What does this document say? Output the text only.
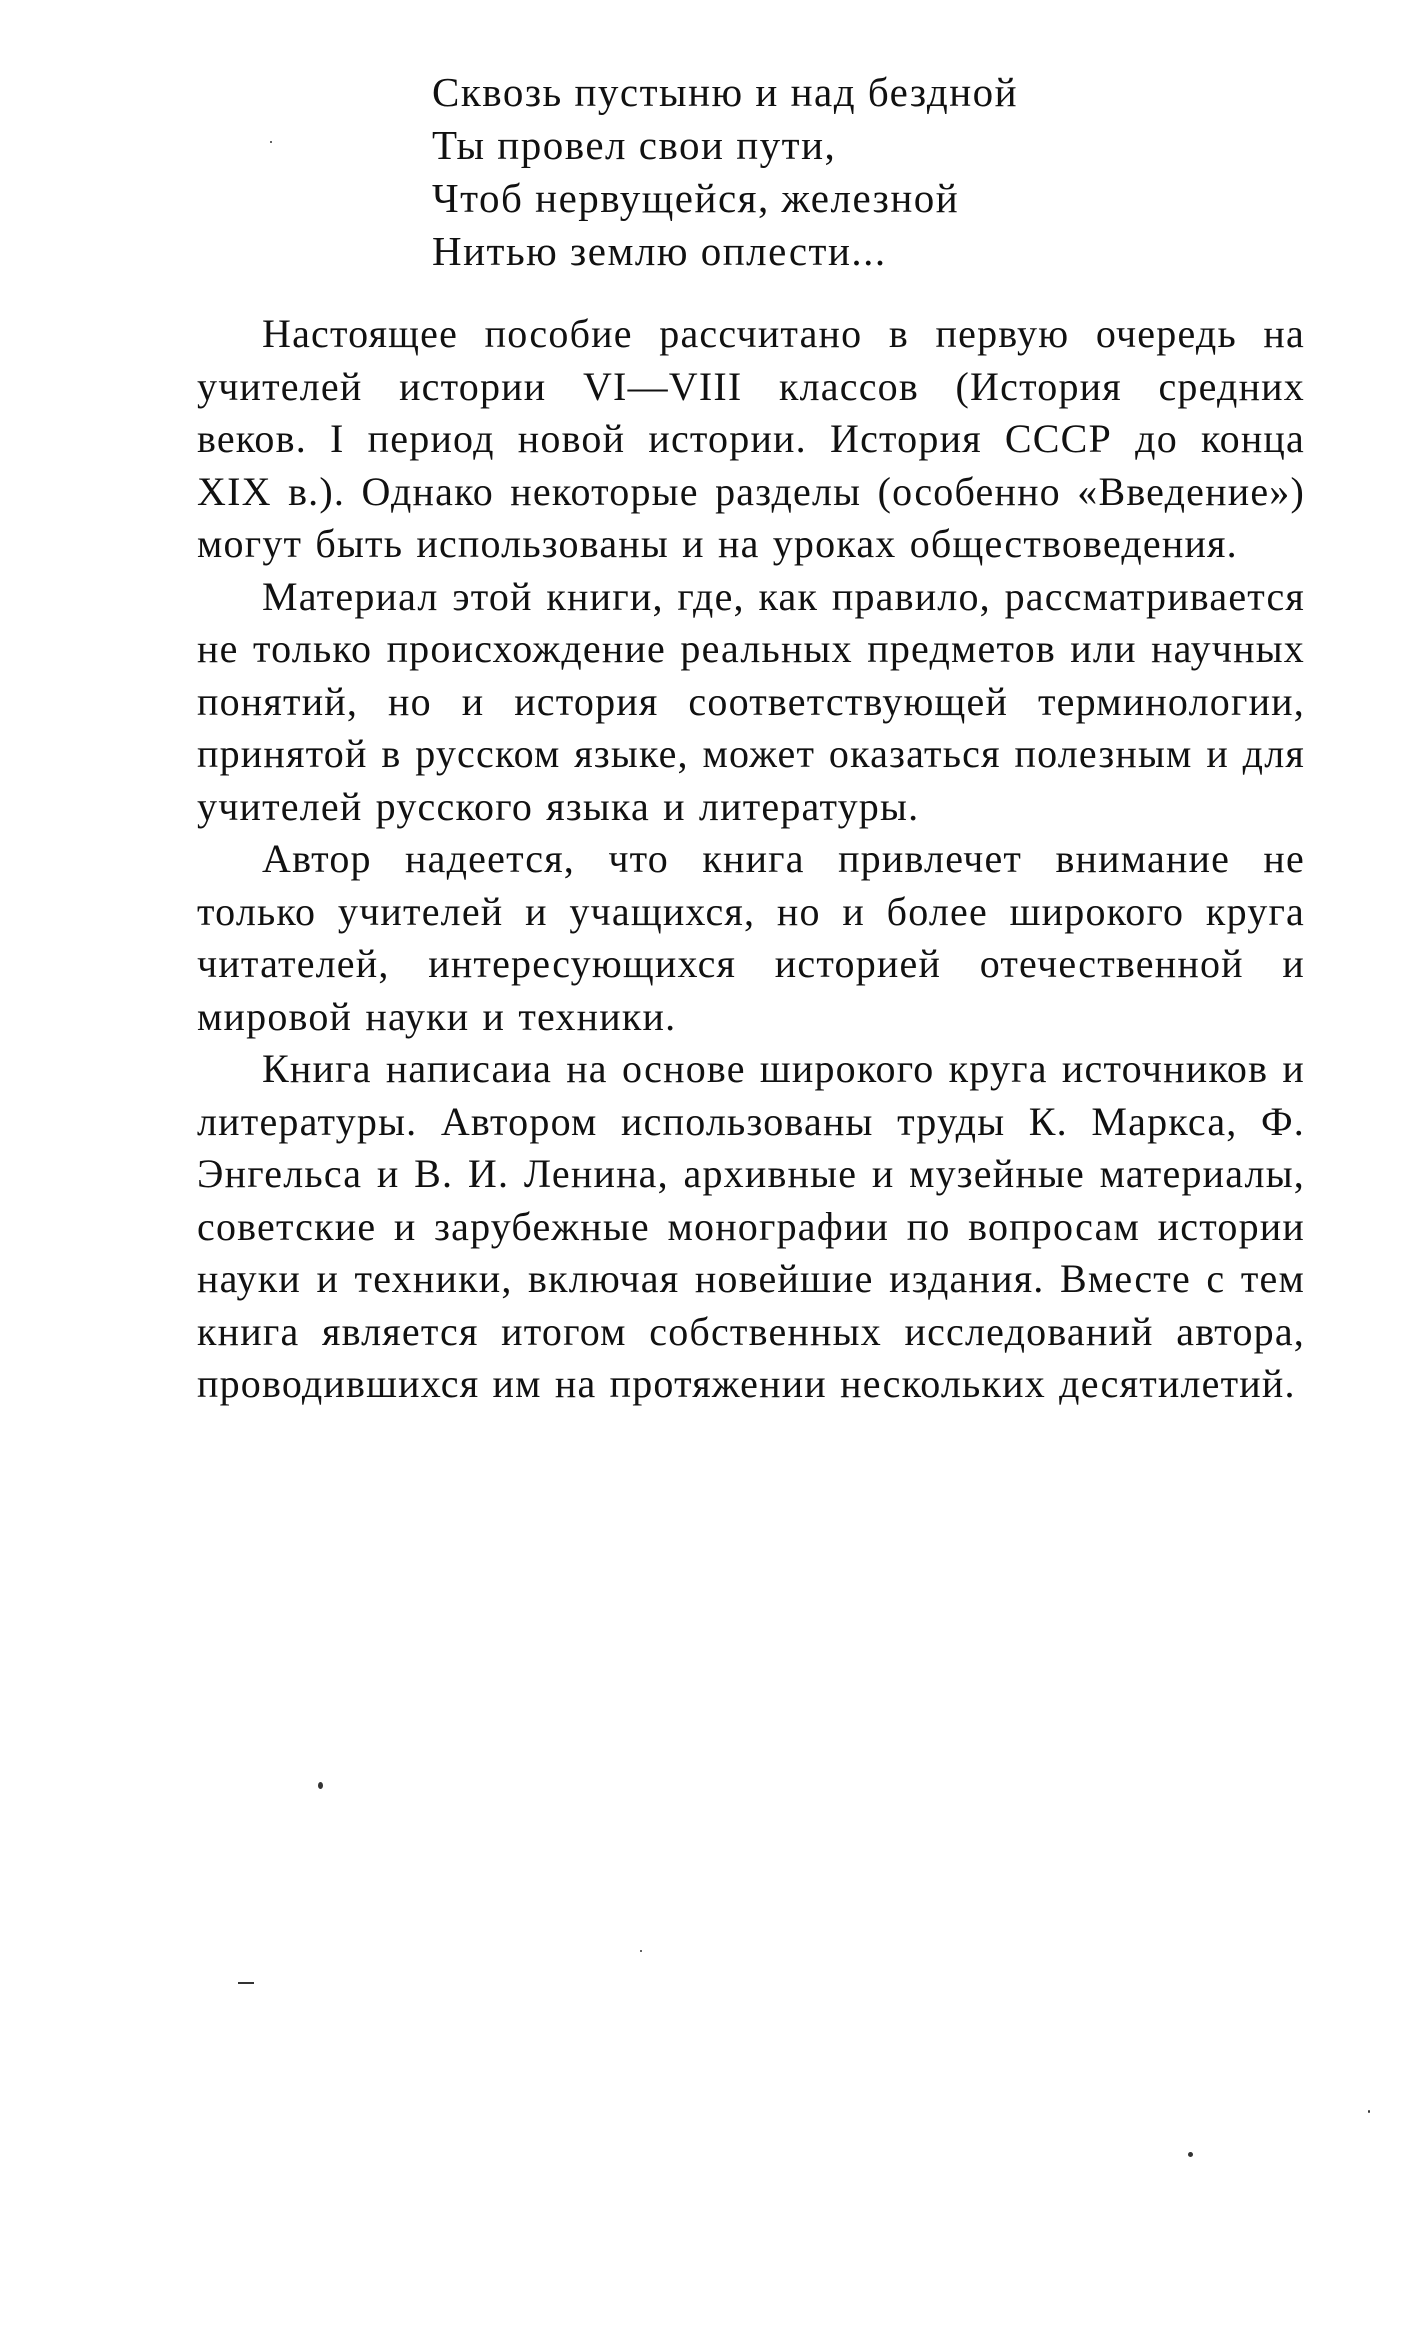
Сквозь пустыню и над бездной
Ты провел свои пути,
Чтоб нервущейся, железной
Нитью землю оплести...

Настоящее пособие рассчитано в первую очередь на учителей истории VI—VIII классов (История средних веков. I период новой истории. История СССР до конца XIX в.). Однако некоторые разделы (особенно «Введение») могут быть использованы и на уроках обществоведения.

Материал этой книги, где, как правило, рассматривается не только происхождение реальных предметов или научных понятий, но и история соответствующей терминологии, принятой в русском языке, может оказаться полезным и для учителей русского языка и литературы.

Автор надеется, что книга привлечет внимание не только учителей и учащихся, но и более широкого круга читателей, интересующихся историей отечественной и мировой науки и техники.

Книга написаиа на основе широкого круга источников и литературы. Автором использованы труды К. Маркса, Ф. Энгельса и В. И. Ленина, архивные и музейные материалы, советские и зарубежные монографии по вопросам истории науки и техники, включая новейшие издания. Вместе с тем книга является итогом собственных исследований автора, проводившихся им на протяжении нескольких десятилетий.
